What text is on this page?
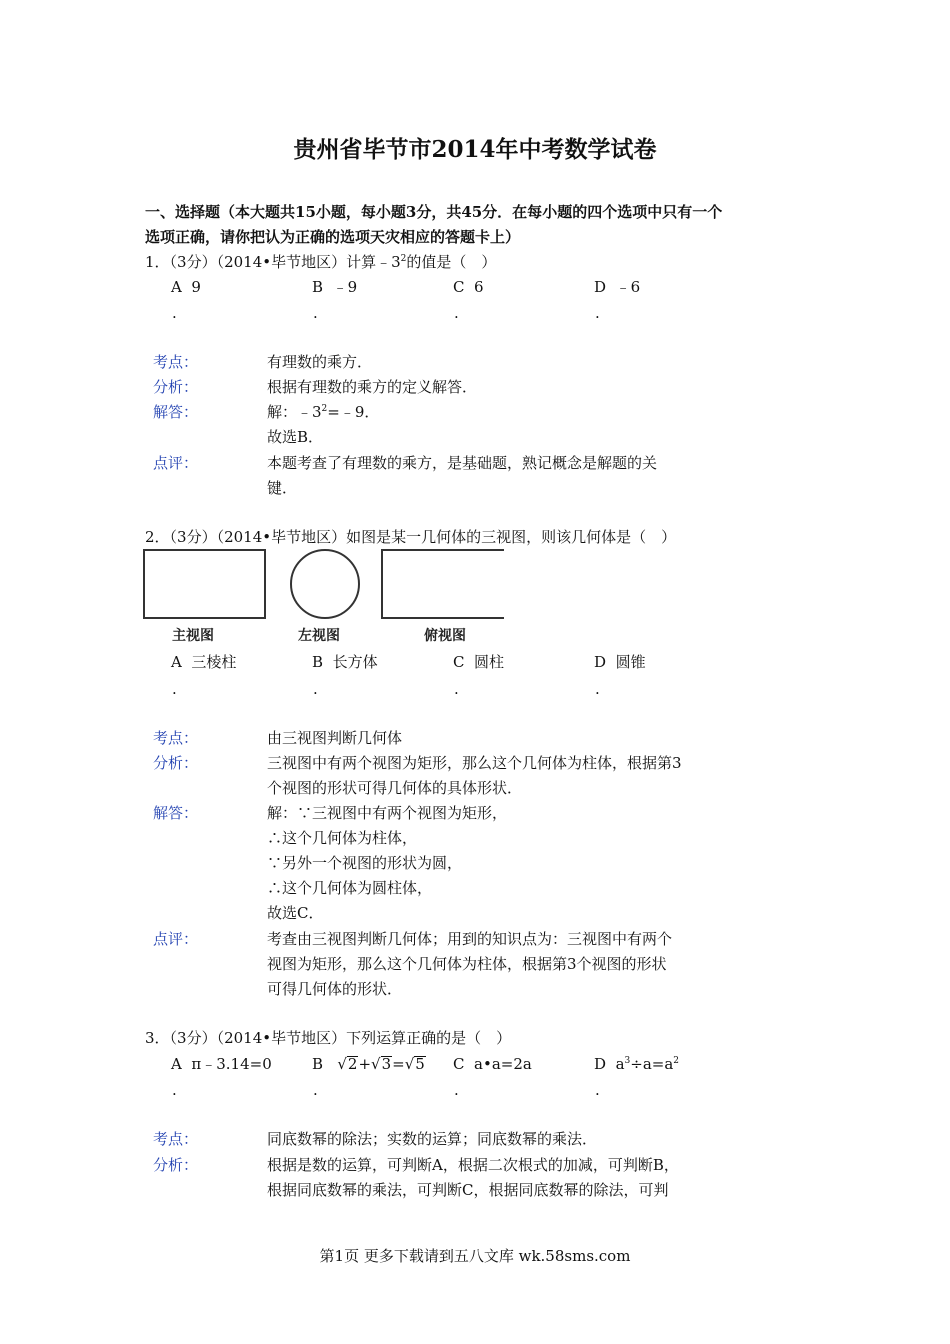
贵州省毕节市2014年中考数学试卷
一、选择题（本大题共15小题，每小题3分，共45分．在每小题的四个选项中只有一个
选项正确，请你把认为正确的选项天灾相应的答题卡上）
1．（3分）（2014•毕节地区）计算$﹣3^2$的值是（　）
A 9	B ﹣9	C 6	D ﹣6
.	.	.	.
考点：	有理数的乘方．
分析：	根据有理数的乘方的定义解答．
解答：	解：$﹣3^2=﹣9$．
故选B．
点评：	本题考查了有理数的乘方，是基础题，熟记概念是解题的关
键．
2．（3分）（2014•毕节地区）如图是某一几何体的三视图，则该几何体是（　）
主视图	左视图	俯视图
A 三棱柱	B 长方体	C 圆柱	D 圆锥
.	.	.	.
考点：	由三视图判断几何体
分析：	三视图中有两个视图为矩形，那么这个几何体为柱体，根据第3
个视图的形状可得几何体的具体形状．
解答：	解：∵三视图中有两个视图为矩形，
∴这个几何体为柱体，
∵另外一个视图的形状为圆，
∴这个几何体为圆柱体，
故选C．
点评：	考查由三视图判断几何体；用到的知识点为：三视图中有两个
视图为矩形，那么这个几何体为柱体，根据第3个视图的形状
可得几何体的形状．
3．（3分）（2014•毕节地区）下列运算正确的是（　）
A π﹣3.14=0	B   √2+√3=√5 C a•a=2a	D $a^3\div a=a^2$
.	.	.	.
考点：	同底数幂的除法；实数的运算；同底数幂的乘法．
分析：	根据是数的运算，可判断A，根据二次根式的加减，可判断B，
根据同底数幂的乘法，可判断C，根据同底数幂的除法，可判
第1页 更多下载请到五八文库 wk.58sms.com
